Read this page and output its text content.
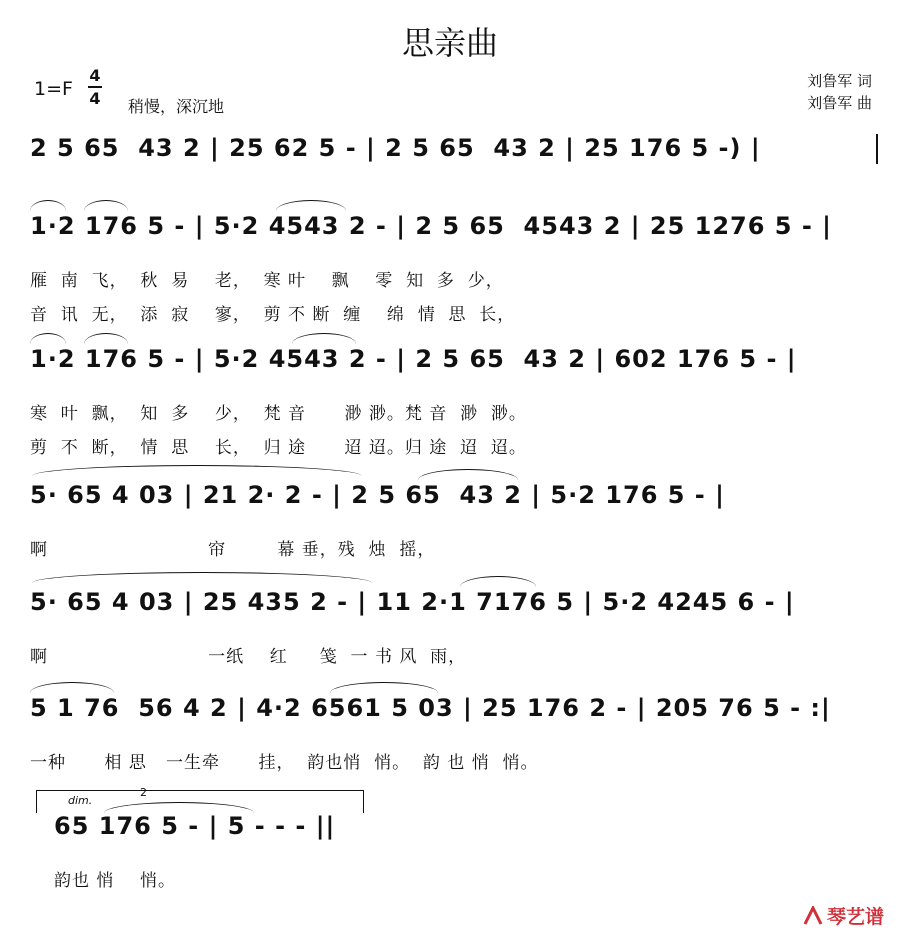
思亲曲
1=F
4
4 稍慢，深沉地
刘鲁军 词
刘鲁军 曲
2 5 65  43 2 | 25 62 5 - | 2 5 65  43 2 | 25 176 5 -) |
1·2 176 5 - | 5·2 4543 2 - | 2 5 65  4543 2 | 25 1276 5 - |
雁  南  飞，  秋  易    老，  寒 叶    飘    零  知  多  少，
音  讯  无，  添  寂    寥，  剪 不 断  缠    绵  情  思  长，
1·2 176 5 - | 5·2 4543 2 - | 2 5 65  43 2 | 602 176 5 - |
寒  叶  飘，  知  多    少，  梵 音      渺 渺。梵 音  渺  渺。
剪  不  断，  情  思    长，  归 途      迢 迢。归 途  迢  迢。
5· 65 4 03 | 21 2· 2 - | 2 5 65  43 2 | 5·2 176 5 - |
啊                         帘        幕 垂，残  烛  摇，
5· 65 4 03 | 25 435 2 - | 11 2·1 7176 5 | 5·2 4245 6 - |
啊                         一纸    红     笺  一 书 风  雨，
5 1 76  56 4 2 | 4·2 6561 5 03 | 25 176 2 - | 205 76 5 - :|
一种      相 思   一生牵      挂，  韵也悄  悄。  韵 也 悄  悄。
dim.
2
65 176 5 - | 5 - - - ||
韵也 悄    悄。
琴艺谱
